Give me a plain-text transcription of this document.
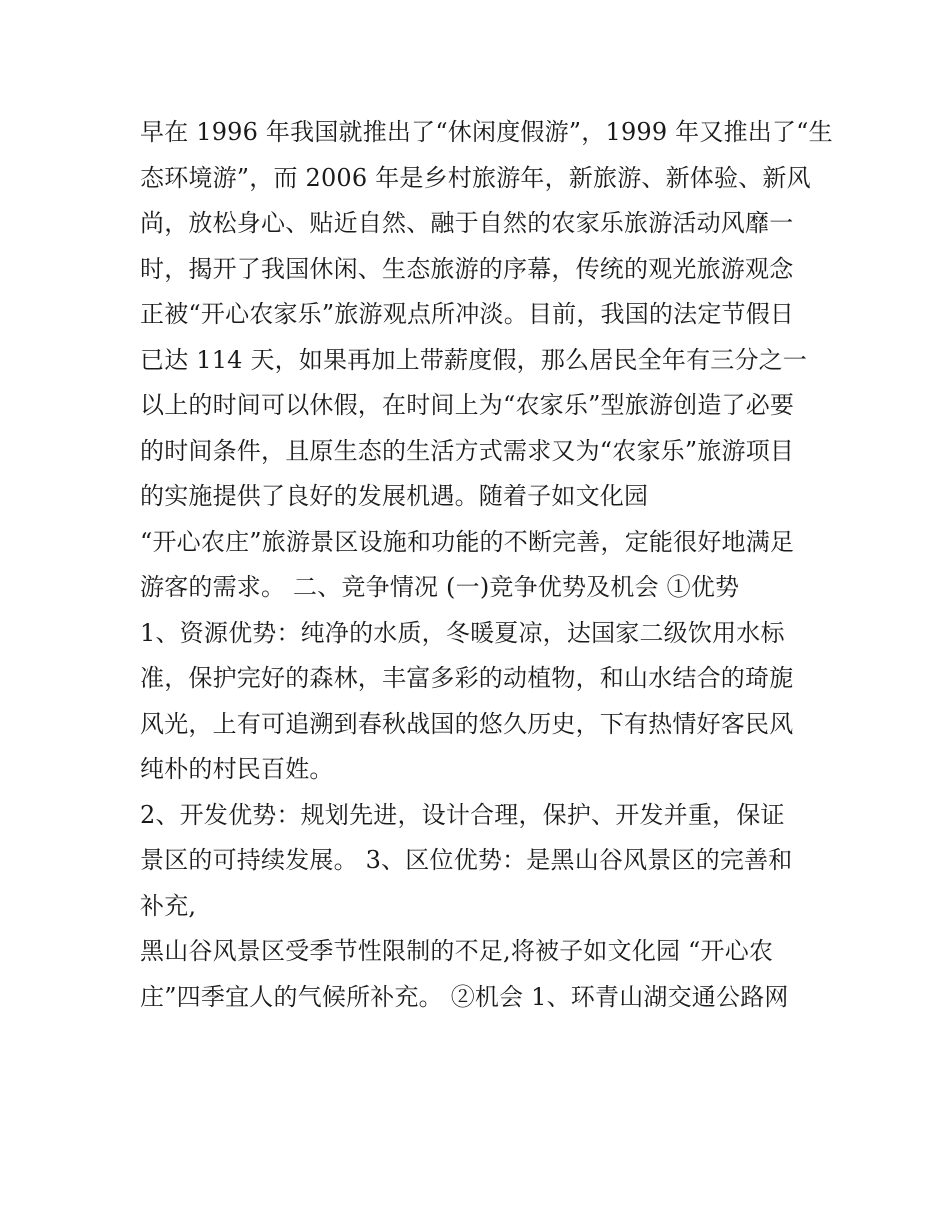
早在 1996 年我国就推出了“休闲度假游”，1999 年又推出了“生
态环境游”，而 2006 年是乡村旅游年，新旅游、新体验、新风
尚，放松身心、贴近自然、融于自然的农家乐旅游活动风靡一
时，揭开了我国休闲、生态旅游的序幕，传统的观光旅游观念
正被“开心农家乐”旅游观点所冲淡。目前，我国的法定节假日
已达 114 天，如果再加上带薪度假，那么居民全年有三分之一
以上的时间可以休假，在时间上为“农家乐”型旅游创造了必要
的时间条件，且原生态的生活方式需求又为“农家乐”旅游项目
的实施提供了良好的发展机遇。随着子如文化园
“开心农庄”旅游景区设施和功能的不断完善，定能很好地满足
游客的需求。 二、竞争情况 (一)竞争优势及机会 ①优势
1、资源优势：纯净的水质，冬暖夏凉，达国家二级饮用水标
准，保护完好的森林，丰富多彩的动植物，和山水结合的琦旎
风光，上有可追溯到春秋战国的悠久历史，下有热情好客民风
纯朴的村民百姓。
2、开发优势：规划先进，设计合理，保护、开发并重，保证
景区的可持续发展。 3、区位优势：是黑山谷风景区的完善和
补充,
黑山谷风景区受季节性限制的不足,将被子如文化园 “开心农
庄”四季宜人的气候所补充。 ②机会 1、环青山湖交通公路网
